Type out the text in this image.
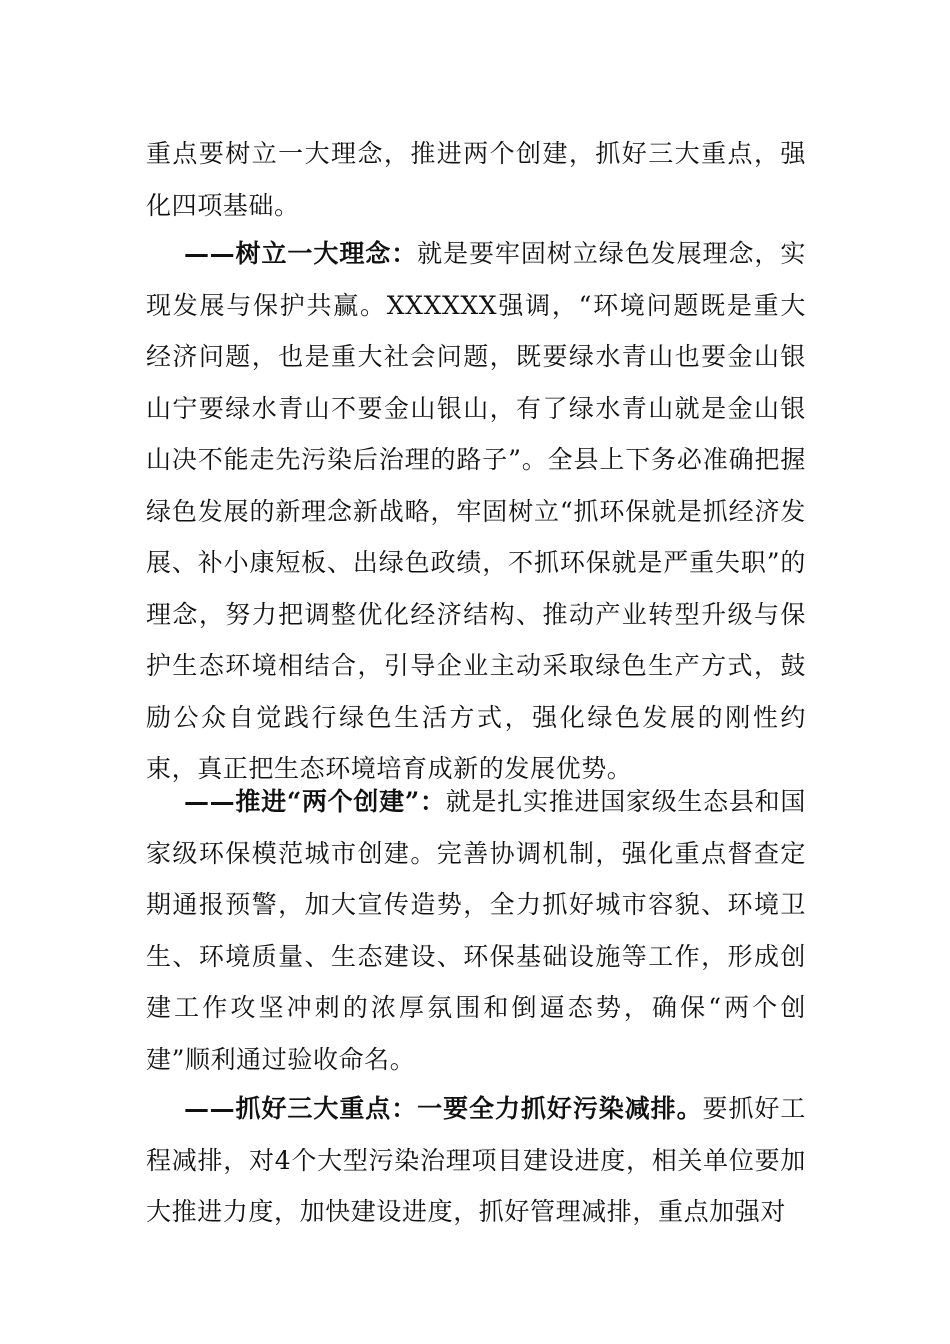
重点要树立一大理念，推进两个创建，抓好三大重点，强化四项基础。

——树立一大理念：就是要牢固树立绿色发展理念，实现发展与保护共赢。XXXXXX强调，“环境问题既是重大经济问题，也是重大社会问题，既要绿水青山也要金山银山宁要绿水青山不要金山银山，有了绿水青山就是金山银山决不能走先污染后治理的路子”。全县上下务必准确把握绿色发展的新理念新战略，牢固树立“抓环保就是抓经济发展、补小康短板、出绿色政绩，不抓环保就是严重失职”的理念，努力把调整优化经济结构、推动产业转型升级与保护生态环境相结合，引导企业主动采取绿色生产方式，鼓励公众自觉践行绿色生活方式，强化绿色发展的刚性约束，真正把生态环境培育成新的发展优势。

——推进“两个创建”：就是扎实推进国家级生态县和国家级环保模范城市创建。完善协调机制，强化重点督查定期通报预警，加大宣传造势，全力抓好城市容貌、环境卫生、环境质量、生态建设、环保基础设施等工作，形成创建工作攻坚冲刺的浓厚氛围和倒逼态势，确保“两个创建”顺利通过验收命名。

——抓好三大重点：一要全力抓好污染减排。要抓好工程减排，对4个大型污染治理项目建设进度，相关单位要加大推进力度，加快建设进度，抓好管理减排，重点加强对
